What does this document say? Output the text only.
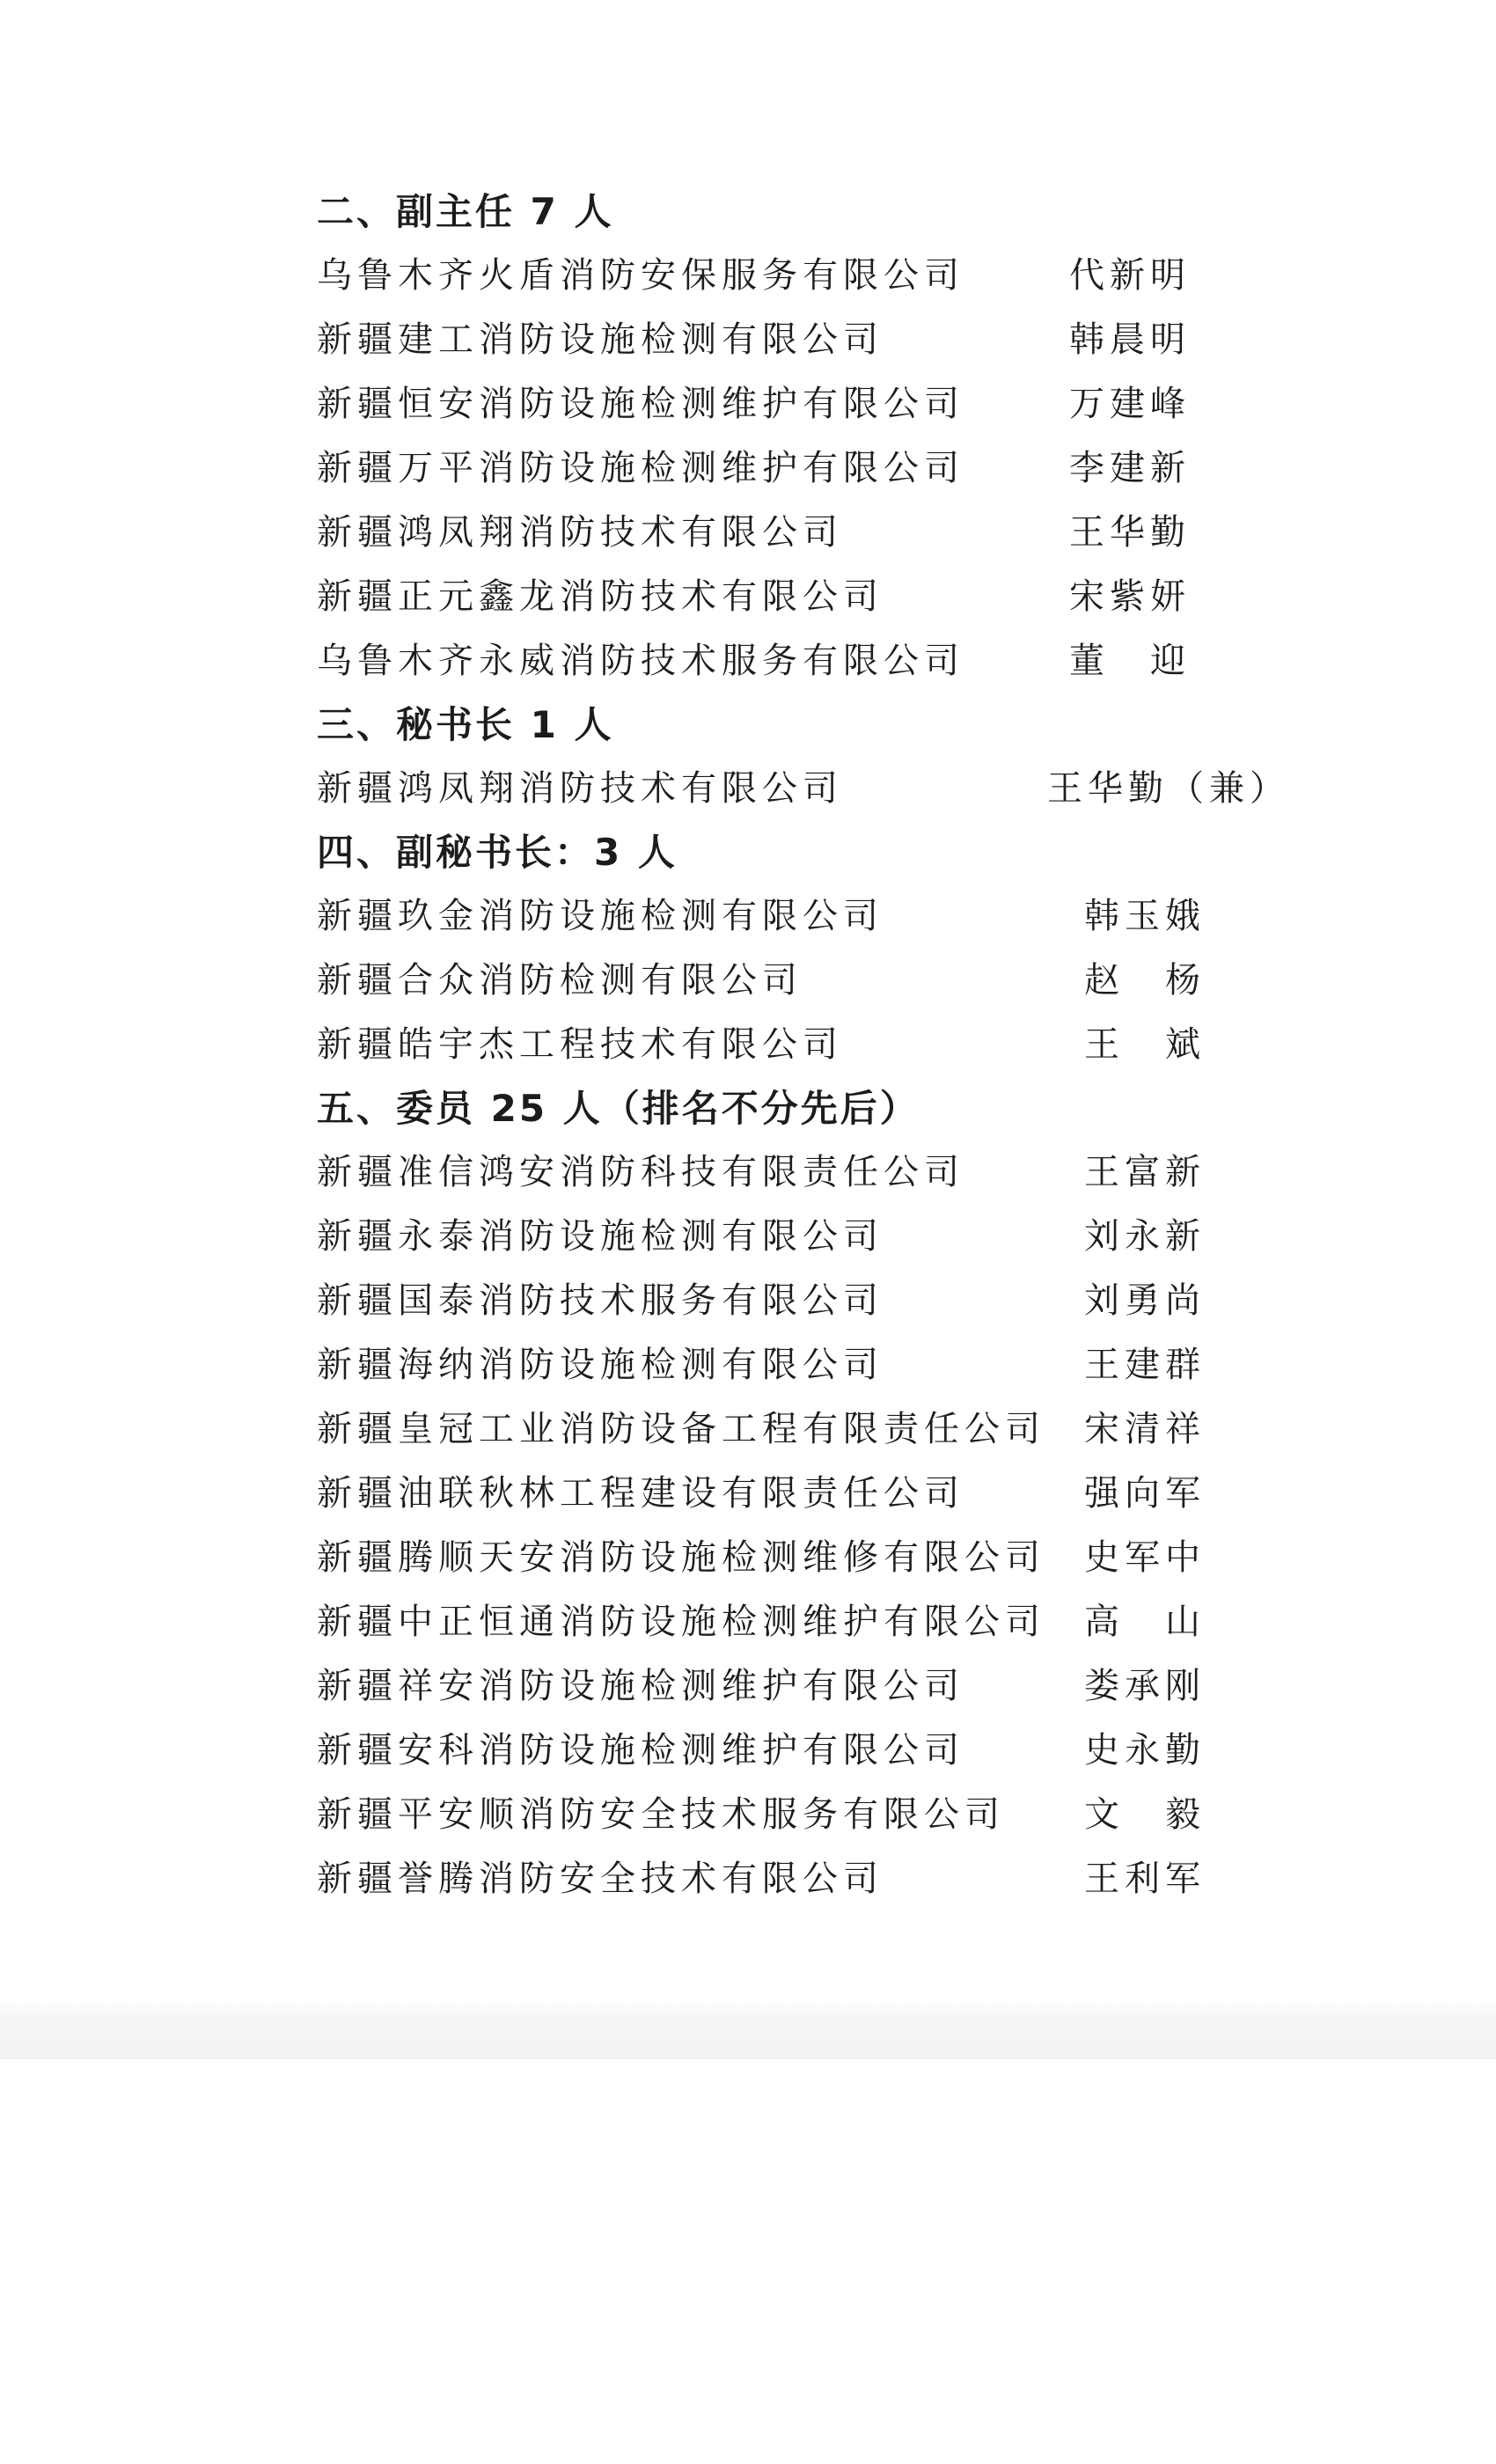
二、副主任 7 人
乌鲁木齐火盾消防安保服务有限公司	代新明
新疆建工消防设施检测有限公司	韩晨明
新疆恒安消防设施检测维护有限公司	万建峰
新疆万平消防设施检测维护有限公司	李建新
新疆鸿凤翔消防技术有限公司	王华勤
新疆正元鑫龙消防技术有限公司	宋紫妍
乌鲁木齐永威消防技术服务有限公司	董　迎
三、秘书长 1 人
新疆鸿凤翔消防技术有限公司	王华勤（兼）
四、副秘书长：3 人
新疆玖金消防设施检测有限公司	韩玉娥
新疆合众消防检测有限公司	赵　杨
新疆皓宇杰工程技术有限公司	王　斌
五、委员 25 人（排名不分先后）
新疆准信鸿安消防科技有限责任公司	王富新
新疆永泰消防设施检测有限公司	刘永新
新疆国泰消防技术服务有限公司	刘勇尚
新疆海纳消防设施检测有限公司	王建群
新疆皇冠工业消防设备工程有限责任公司 宋清祥
新疆油联秋林工程建设有限责任公司	强向军
新疆腾顺天安消防设施检测维修有限公司 史军中
新疆中正恒通消防设施检测维护有限公司 高　山
新疆祥安消防设施检测维护有限公司	娄承刚
新疆安科消防设施检测维护有限公司	史永勤
新疆平安顺消防安全技术服务有限公司 文　毅
新疆誉腾消防安全技术有限公司	王利军
